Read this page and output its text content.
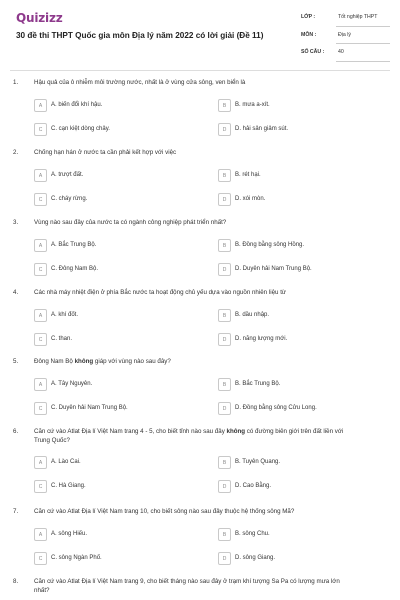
Quizizz
30 đề thi THPT Quốc gia môn Địa lý năm 2022 có lời giải (Đề 11)
LỚP :	Tốt nghiệp THPT
MÔN :	Địa lý
SỐ CÂU :	40
1.	Hậu quả của ô nhiễm môi trường nước, nhất là ở vùng cửa sông, ven biển là
A	A. biến đổi khí hậu.	B	B. mưa a-xít.
C	C. cạn kiệt dòng chảy.	D	D. hải sản giảm sút.
2.	Chống hạn hán ở nước ta cần phải kết hợp với việc
A	A. trượt đất.	B	B. rét hại.
C	C. cháy rừng.	D	D. xói mòn.
3.	Vùng nào sau đây của nước ta có ngành công nghiệp phát triển nhất?
A	A. Bắc Trung Bộ.	B	B. Đồng bằng sông Hồng.
C	C. Đông Nam Bộ.	D	D. Duyên hải Nam Trung Bộ.
4.	Các nhà máy nhiệt điện ở phía Bắc nước ta hoạt động chủ yếu dựa vào nguồn nhiên liệu từ
A	A. khí đốt.	B	B. dầu nhập.
C	C. than.	D	D. năng lượng mới.
5.	Đông Nam Bộ không giáp với vùng nào sau đây?
A	A. Tây Nguyên.	B	B. Bắc Trung Bộ.
C	C. Duyên hải Nam Trung Bộ.	D	D. Đồng bằng sông Cửu Long.
6.	Căn cứ vào Atlat Địa lí Việt Nam trang 4 - 5, cho biết tỉnh nào sau đây không có đường biên giới trên đất liền với Trung Quốc?
A	A. Lào Cai.	B	B. Tuyên Quang.
C	C. Hà Giang.	D	D. Cao Bằng.
7.	Căn cứ vào Atlat Địa lí Việt Nam trang 10, cho biết sông nào sau đây thuộc hệ thống sông Mã?
A	A. sông Hiếu.	B	B. sông Chu.
C	C. sông Ngàn Phố.	D	D. sông Giang.
8.	Căn cứ vào Atlat Địa lí Việt Nam trang 9, cho biết tháng nào sau đây ở trạm khí tượng Sa Pa có lượng mưa lớn nhất?
